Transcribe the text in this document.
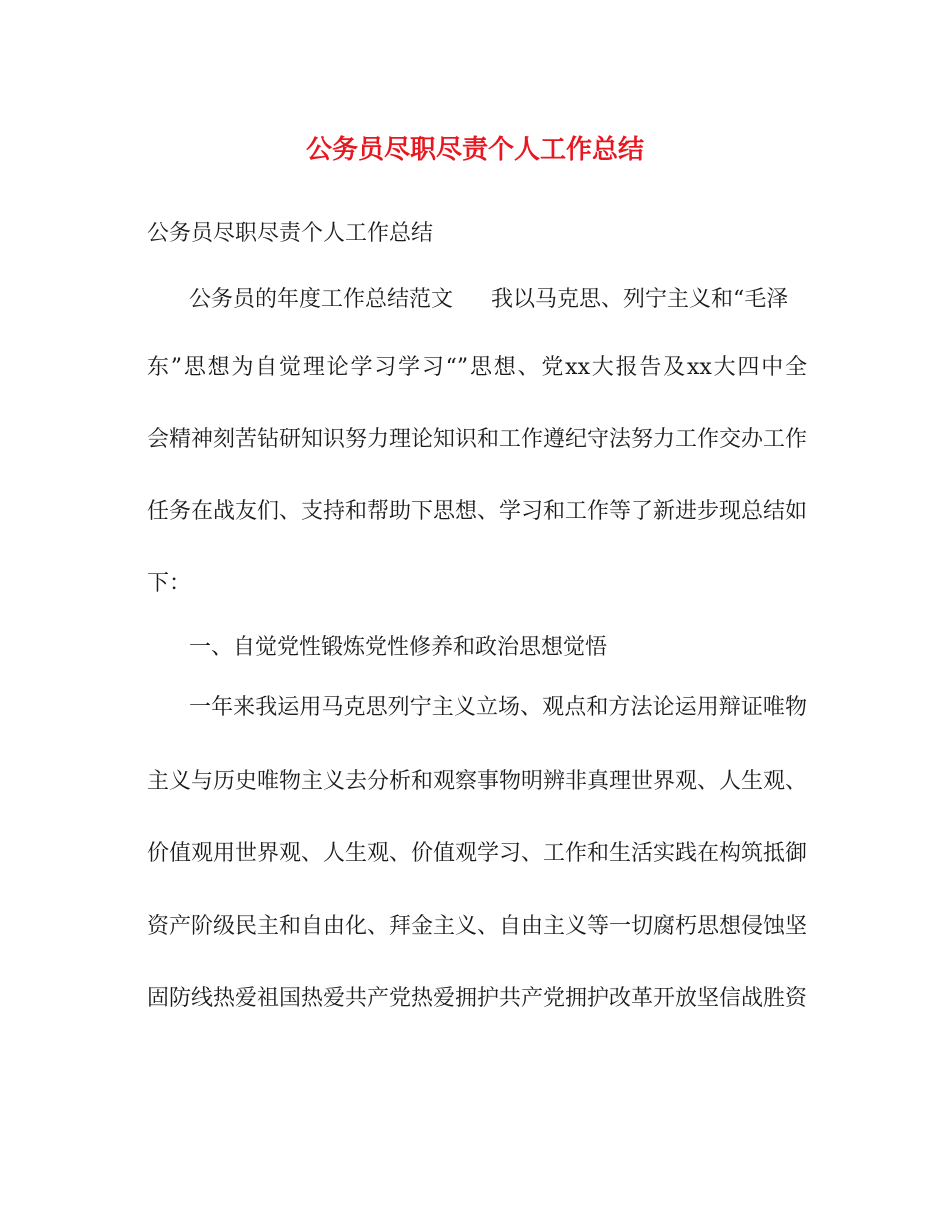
公务员尽职尽责个人工作总结
公务员尽职尽责个人工作总结
公务员的年度工作总结范文 我以马克思、列宁主义和“毛泽
东”思想为自觉理论学习学习“”思想、党xx大报告及xx大四中全
会精神刻苦钻研知识努力理论知识和工作遵纪守法努力工作交办工作
任务在战友们、支持和帮助下思想、学习和工作等了新进步现总结如
下：
一、自觉党性锻炼党性修养和政治思想觉悟
一年来我运用马克思列宁主义立场、观点和方法论运用辩证唯物
主义与历史唯物主义去分析和观察事物明辨非真理世界观、人生观、
价值观用世界观、人生观、价值观学习、工作和生活实践在构筑抵御
资产阶级民主和自由化、拜金主义、自由主义等一切腐朽思想侵蚀坚
固防线热爱祖国热爱共产党热爱拥护共产党拥护改革开放坚信战胜资
